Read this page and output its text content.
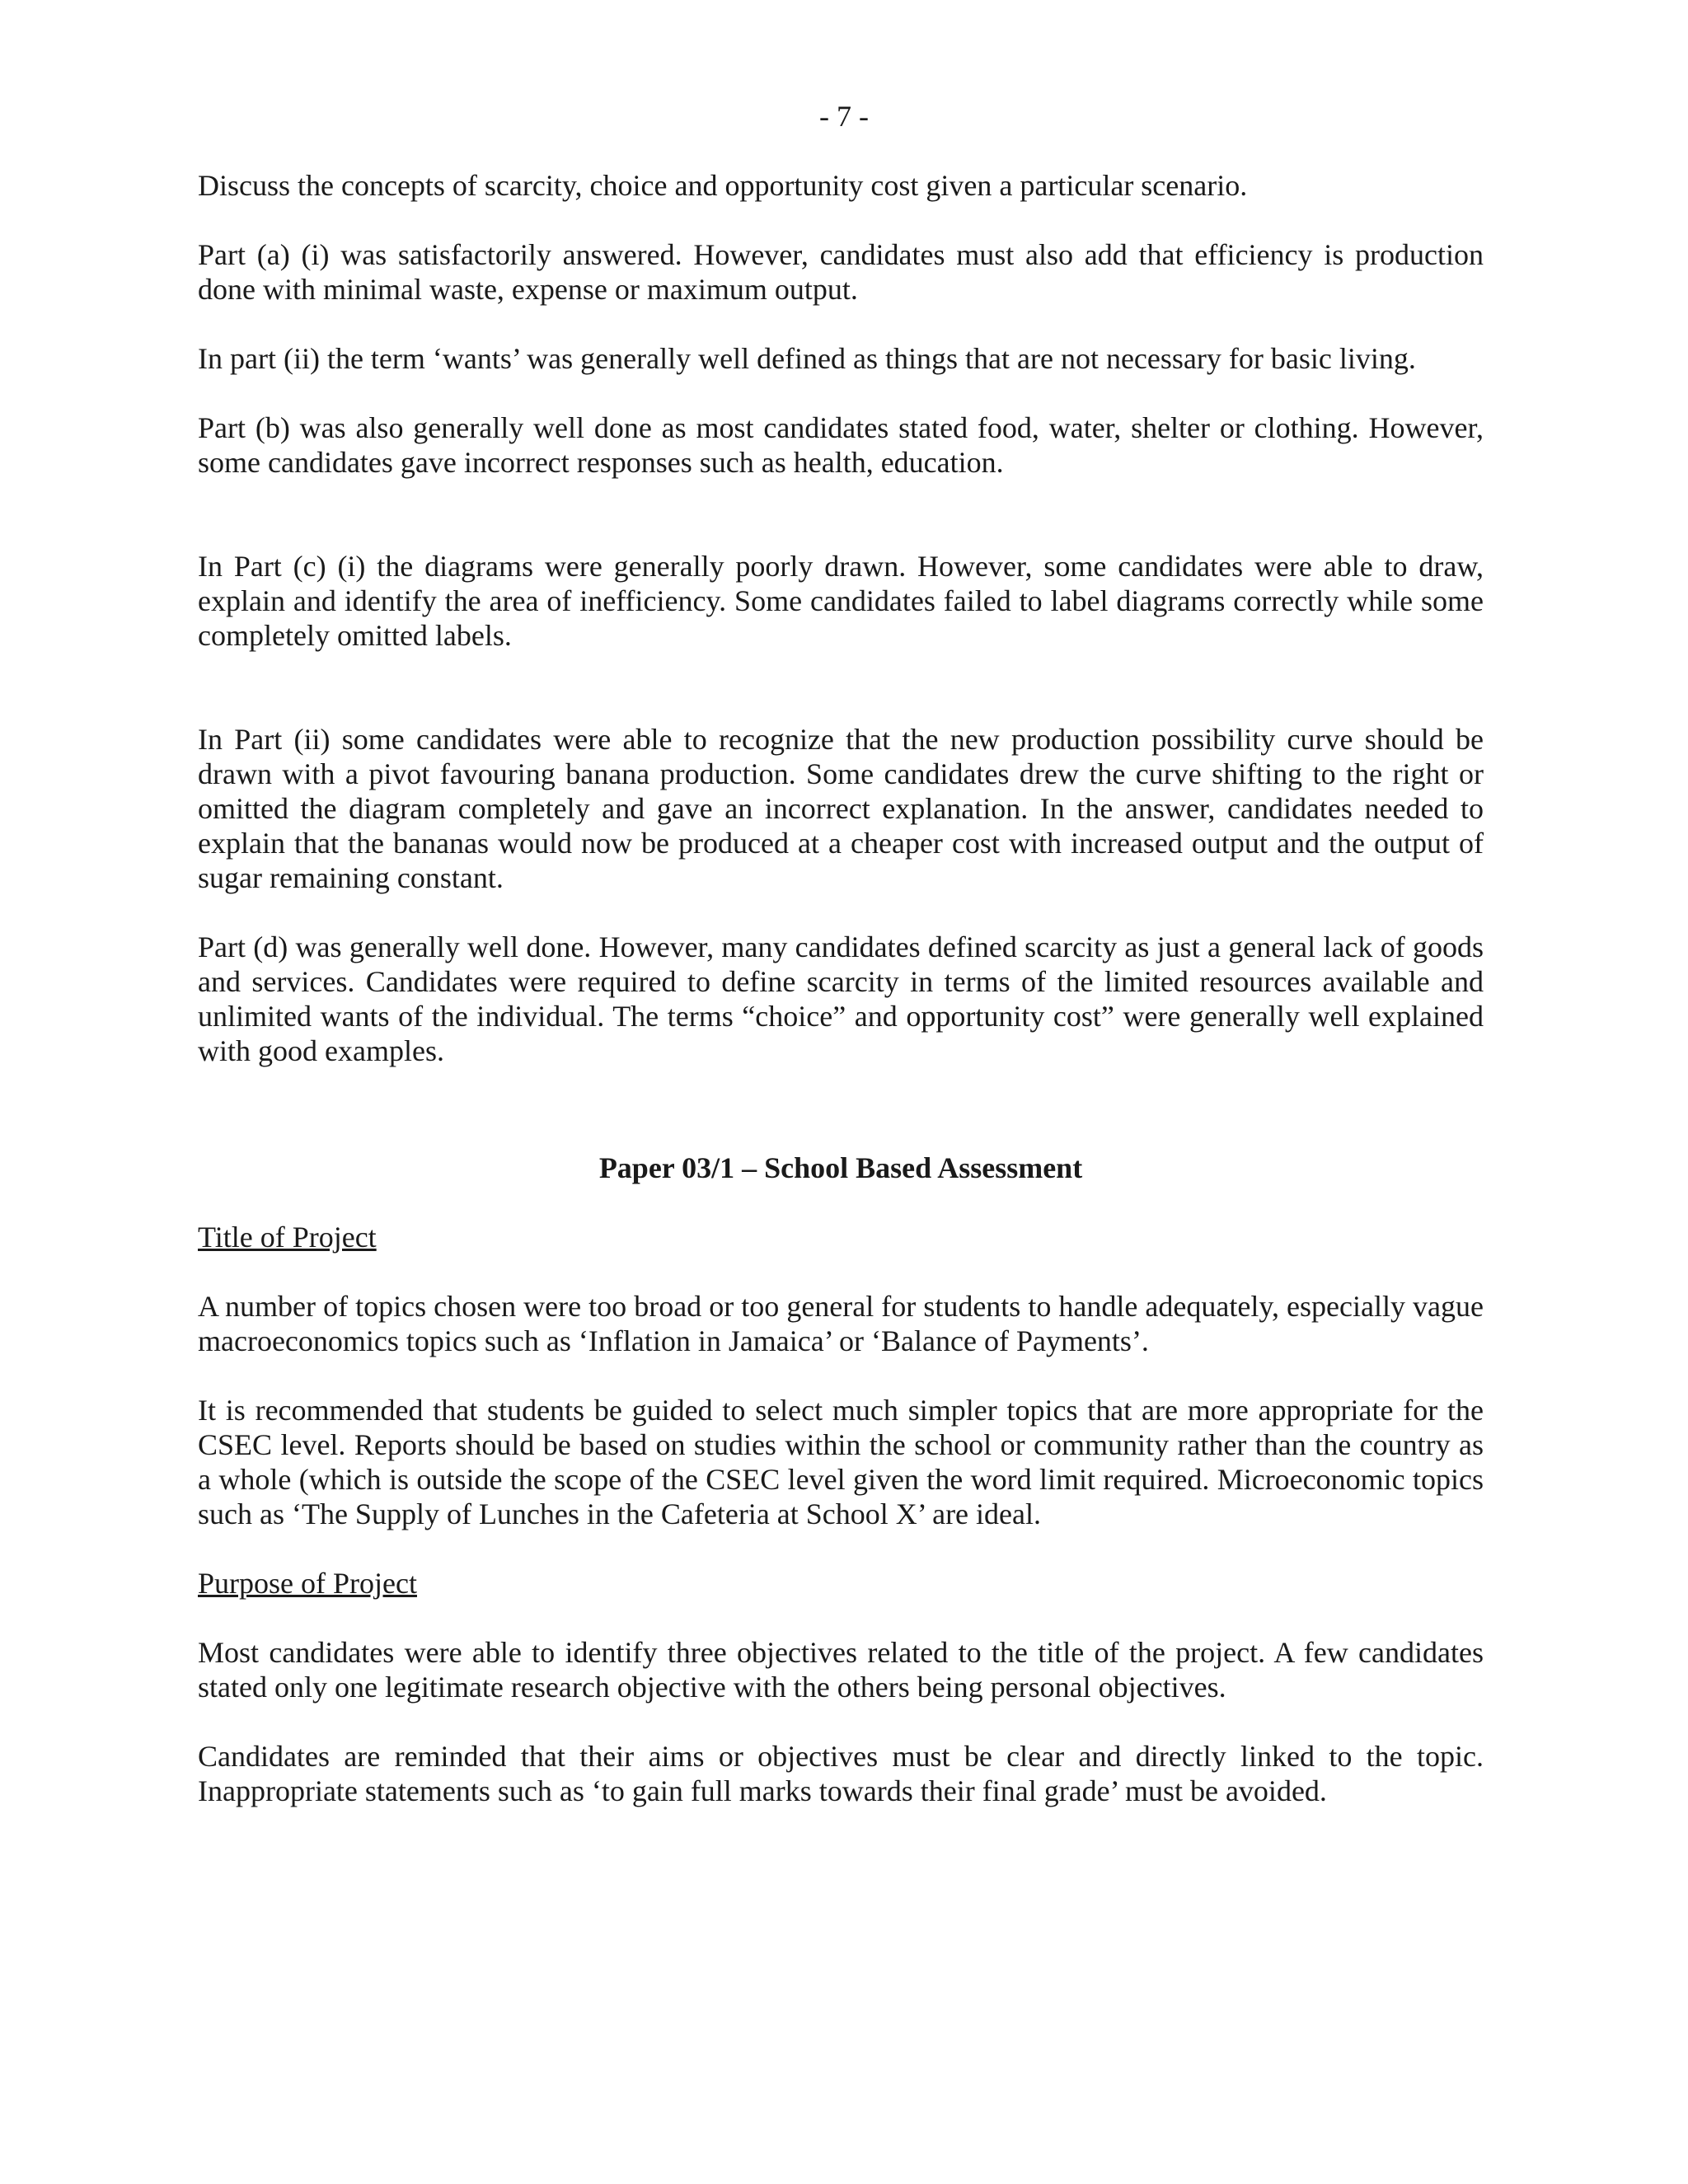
- 7 -

Discuss the concepts of scarcity, choice and opportunity cost given a particular scenario.

Part (a) (i) was satisfactorily answered. However, candidates must also add that efficiency is production done with minimal waste, expense or maximum output.

In part (ii) the term ‘wants’ was generally well defined as things that are not necessary for basic living.

Part (b) was also generally well done as most candidates stated food, water, shelter or clothing. However, some candidates gave incorrect responses such as health, education.

In Part (c) (i) the diagrams were generally poorly drawn. However, some candidates were able to draw, explain and identify the area of inefficiency. Some candidates failed to label diagrams correctly while some completely omitted labels.

In Part (ii) some candidates were able to recognize that the new production possibility curve should be drawn with a pivot favouring banana production. Some candidates drew the curve shifting to the right or omitted the diagram completely and gave an incorrect explanation. In the answer, candidates needed to explain that the bananas would now be produced at a cheaper cost with increased output and the output of sugar remaining constant.

Part (d) was generally well done. However, many candidates defined scarcity as just a general lack of goods and services. Candidates were required to define scarcity in terms of the limited resources available and unlimited wants of the individual. The terms “choice” and opportunity cost” were generally well explained with good examples.

Paper 03/1 – School Based Assessment

Title of Project

A number of topics chosen were too broad or too general for students to handle adequately, especially vague macroeconomics topics such as ‘Inflation in Jamaica’ or ‘Balance of Payments’.

It is recommended that students be guided to select much simpler topics that are more appropriate for the CSEC level. Reports should be based on studies within the school or community rather than the country as a whole (which is outside the scope of the CSEC level given the word limit required. Microeconomic topics such as ‘The Supply of Lunches in the Cafeteria at School X’ are ideal.

Purpose of Project

Most candidates were able to identify three objectives related to the title of the project. A few candidates stated only one legitimate research objective with the others being personal objectives.

Candidates are reminded that their aims or objectives must be clear and directly linked to the topic. Inappropriate statements such as ‘to gain full marks towards their final grade’ must be avoided.
